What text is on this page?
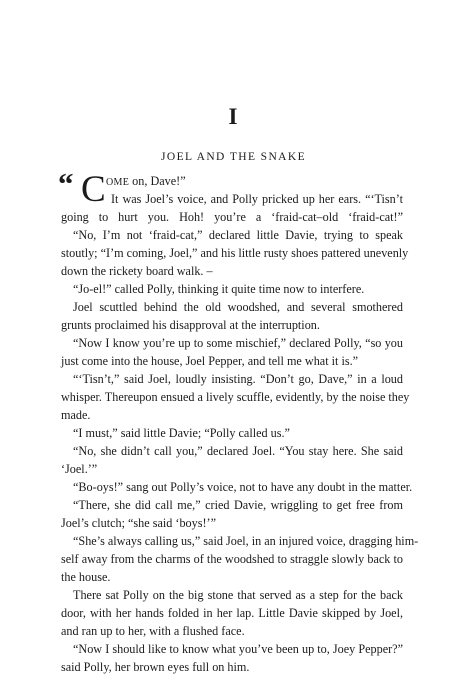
I
JOEL AND THE SNAKE
“ C OME on, Dave!”
It was Joel’s voice, and Polly pricked up her ears. “‘Tisn’t
going to hurt you. Hoh! you’re a ‘fraid-cat–old ‘fraid-cat!”
“No, I’m not ‘fraid-cat,” declared little Davie, trying to speak
stoutly; “I’m coming, Joel,” and his little rusty shoes pattered unevenly
down the rickety board walk. –
“Jo-el!” called Polly, thinking it quite time now to interfere.
Joel scuttled behind the old woodshed, and several smothered
grunts proclaimed his disapproval at the interruption.
“Now I know you’re up to some mischief,” declared Polly, “so you
just come into the house, Joel Pepper, and tell me what it is.”
“‘Tisn’t,” said Joel, loudly insisting. “Don’t go, Dave,” in a loud
whisper. Thereupon ensued a lively scuffle, evidently, by the noise they
made.
“I must,” said little Davie; “Polly called us.”
“No, she didn’t call you,” declared Joel. “You stay here. She said
‘Joel.’”
“Bo-oys!” sang out Polly’s voice, not to have any doubt in the matter.
“There, she did call me,” cried Davie, wriggling to get free from
Joel’s clutch; “she said ‘boys!’”
“She’s always calling us,” said Joel, in an injured voice, dragging him-
self away from the charms of the woodshed to straggle slowly back to
the house.
There sat Polly on the big stone that served as a step for the back
door, with her hands folded in her lap. Little Davie skipped by Joel,
and ran up to her, with a flushed face.
“Now I should like to know what you’ve been up to, Joey Pepper?”
said Polly, her brown eyes full on him.
